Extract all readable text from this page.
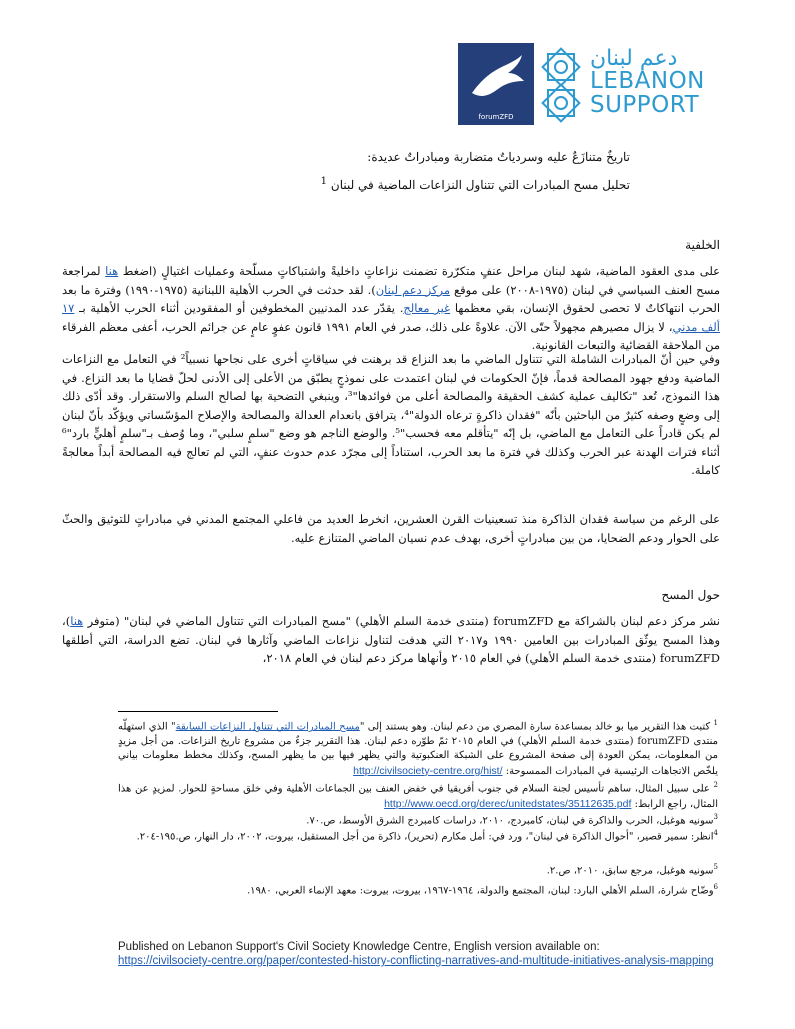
forumZFD
دعم لبنان
LEBANON
SUPPORT
تاريخٌ متنازَعٌ عليه وسردياتٌ متضاربة ومبادراتٌ عديدة:
تحليل مسح المبادرات التي تتناول النزاعات الماضية في لبنان $^1$
الخلفية
على مدى العقود الماضية، شهد لبنان مراحل عنفٍ متكرّرة تضمنت نزاعاتٍ داخليةً واشتباكاتٍ مسلّحة وعمليات اغتيالٍ (اضغط هنا لمراجعة مسح العنف السياسي في لبنان (١٩٧٥-٢٠٠٨) على موقع مركز دعم لبنان). لقد حدثت في الحرب الأهلية اللبنانية (١٩٧٥-١٩٩٠) وفترة ما بعد الحرب انتهاكاتٌ لا تحصى لحقوق الإنسان، بقي معظمها غير معالج. يقدّر عدد المدنيين المخطوفين أو المفقودين أثناء الحرب الأهلية بـ ١٧ ألف مدني، لا يزال مصيرهم مجهولاً حتّى الآن. علاوةً على ذلك، صدر في العام ١٩٩١ قانون عفوٍ عامٍ عن جرائم الحرب، أعفى معظم الفرقاء من الملاحقة القضائية والتبعات القانونية.
وفي حين أنّ المبادرات الشاملة التي تتناول الماضي ما بعد النزاع قد برهنت في سياقاتٍ أخرى على نجاحها نسبياً² في التعامل مع النزاعات الماضية ودفع جهود المصالحة قدماً، فإنّ الحكومات في لبنان اعتمدت على نموذجٍ يطبّق من الأعلى إلى الأدنى لحلّ قضايا ما بعد النزاع. في هذا النموذج، تُعد "تكاليف عملية كشف الحقيقة والمصالحة أعلى من فوائدها"³، وينبغي التضحية بها لصالح السلم والاستقرار. وقد أدّى ذلك إلى وضعٍ وصفه كثيرٌ من الباحثين بأنّه "فقدان ذاكرةٍ ترعاه الدولة"⁴، يترافق بانعدام العدالة والمصالحة والإصلاح المؤسّساتي ويؤكّد بأنّ لبنان لم يكن قادراً على التعامل مع الماضي، بل إنّه "يتأقلم معه فحسب"⁵. والوضع الناجم هو وضع "سلمٍ سلبي"، وما وُصف بـ"سلمٍ أهليٍّ بارد"⁶ أثناء فترات الهدنة عبر الحرب وكذلك في فترة ما بعد الحرب، استناداً إلى مجرّد عدم حدوث عنفٍ، التي لم تعالج فيه المصالحة أبداً معالجةً كاملة.
على الرغم من سياسة فقدان الذاكرة منذ تسعينيات القرن العشرين، انخرط العديد من فاعلي المجتمع المدني في مبادراتٍ للتوثيق والحثّ على الحوار ودعم الضحايا، من بين مبادراتٍ أخرى، بهدف عدم نسيان الماضي المتنازع عليه.
حول المسح
نشر مركز دعم لبنان بالشراكة مع forumZFD (منتدى خدمة السلم الأهلي) "مسح المبادرات التي تتناول الماضي في لبنان" (متوفر هنا)، وهذا المسح يوثّق المبادرات بين العامين ١٩٩٠ و٢٠١٧ التي هدفت لتناول نزاعات الماضي وآثارها في لبنان. تضع الدراسة، التي أطلقها forumZFD (منتدى خدمة السلم الأهلي) في العام ٢٠١٥ وأنهاها مركز دعم لبنان في العام ٢٠١٨،
$^1$ كتبت هذا التقرير ميا بو خالد بمساعدة سارة المصري من دعم لبنان. وهو يستند إلى "مسح المبادرات التي تتناول النزاعات السابقة" الذي استهلّه منتدى forumZFD (منتدى خدمة السلم الأهلي) في العام ٢٠١٥ ثمّ طوّره دعم لبنان. هذا التقرير جزءٌ من مشروع تاريخ النزاعات. من أجل مزيدٍ من المعلومات، يمكن العودة إلى صفحة المشروع على الشبكة العنكبوتية والتي يظهر فيها بين ما يظهر المسح، وكذلك مخطط معلومات بياني يلخّص الاتجاهات الرئيسية في المبادرات الممسوحة: http://civilsociety-centre.org/hist/
$^2$ على سبيل المثال، ساهم تأسيس لجنة السلام في جنوب أفريقيا في خفض العنف بين الجماعات الأهلية وفي خلق مساحةٍ للحوار. لمزيدٍ عن هذا المثال، راجع الرابط: http://www.oecd.org/derec/unitedstates/35112635.pdf
$^3$سونيه هوغبل، الحرب والذاكرة في لبنان، كامبردج، ٢٠١٠، دراسات كامبردج الشرق الأوسط، ص.٧٠.
$^4$انظر: سمير قصير، "أحوال الذاكرة في لبنان"، ورد في: أمل مكارم (تحرير)، ذاكرة من أجل المستقبل، بيروت، ٢٠٠٢، دار النهار، ص.١٩٥-٢٠٤.
$^5$سونيه هوغبل، مرجع سابق، ٢٠١٠، ص.٢.
$^6$وضّاح شرارة، السلم الأهلي البارد: لبنان، المجتمع والدولة، ١٩٦٤-١٩٦٧، بيروت، بيروت: معهد الإنماء العربي، ١٩٨٠.
Published on Lebanon Support's Civil Society Knowledge Centre, English version available on:
https://civilsociety-centre.org/paper/contested-history-conflicting-narratives-and-multitude-initiatives-analysis-mapping
